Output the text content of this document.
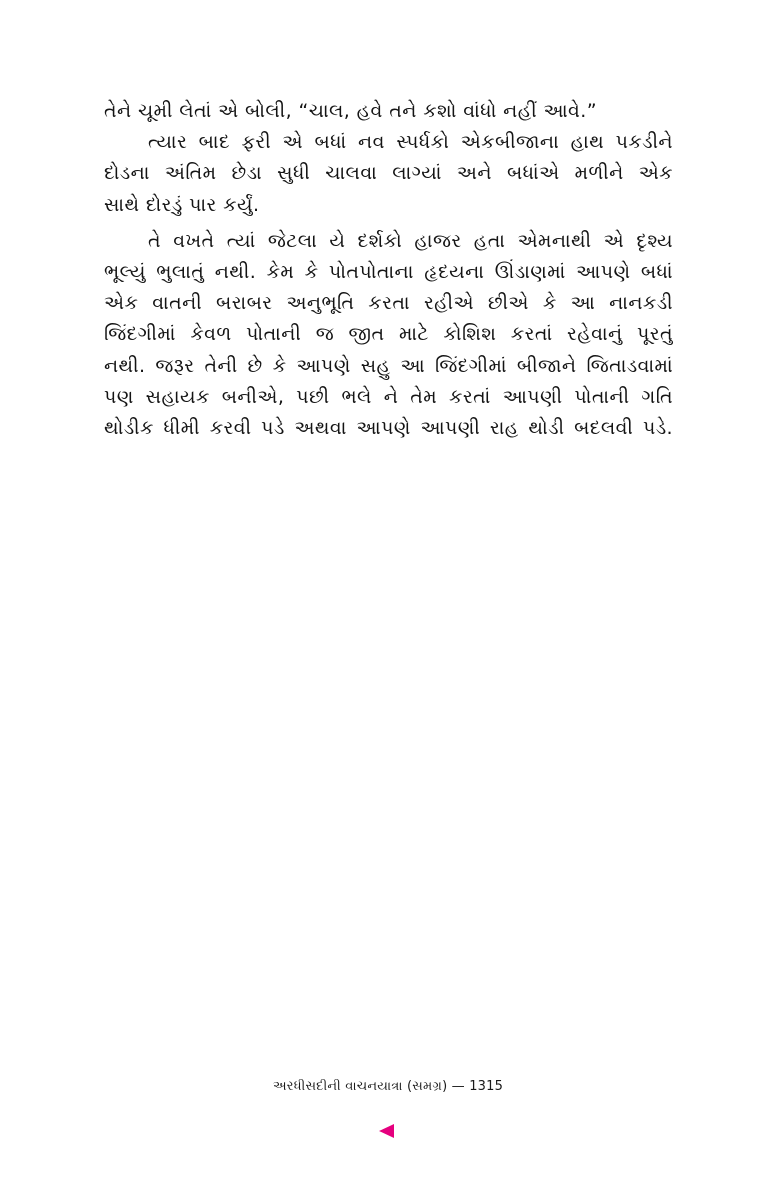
તેને ચૂમી લેતાં એ બોલી, “ચાલ, હવે તને કશો વાંધો નહીં આવે.”

ત્યાર બાદ ફરી એ બધાં નવ સ્પર્ધકો એકબીજાના હાથ પકડીને
દોડના અંતિમ છેડા સુધી ચાલવા લાગ્યાં અને બધાંએ મળીને એક
સાથે દોરડું પાર કર્યું.

તે વખતે ત્યાં જેટલા યે દર્શકો હાજર હતા એમનાથી એ દૃશ્ય
ભૂલ્યું ભુલાતું નથી. કેમ કે પોતપોતાના હૃદયના ઊંડાણમાં આપણે બધાં
એક વાતની બરાબર અનુભૂતિ કરતા રહીએ છીએ કે આ નાનકડી
જિંદગીમાં કેવળ પોતાની જ જીત માટે કોશિશ કરતાં રહેવાનું પૂરતું
નથી. જરૂર તેની છે કે આપણે સહુ આ જિંદગીમાં બીજાને જિતાડવામાં
પણ સહાયક બનીએ, પછી ભલે ને તેમ કરતાં આપણી પોતાની ગતિ
થોડીક ધીમી કરવી પડે અથવા આપણે આપણી રાહ થોડી બદલવી પડે.

અરધીસદીની વાચનયાત્રા (સમગ્ર) — 1315
